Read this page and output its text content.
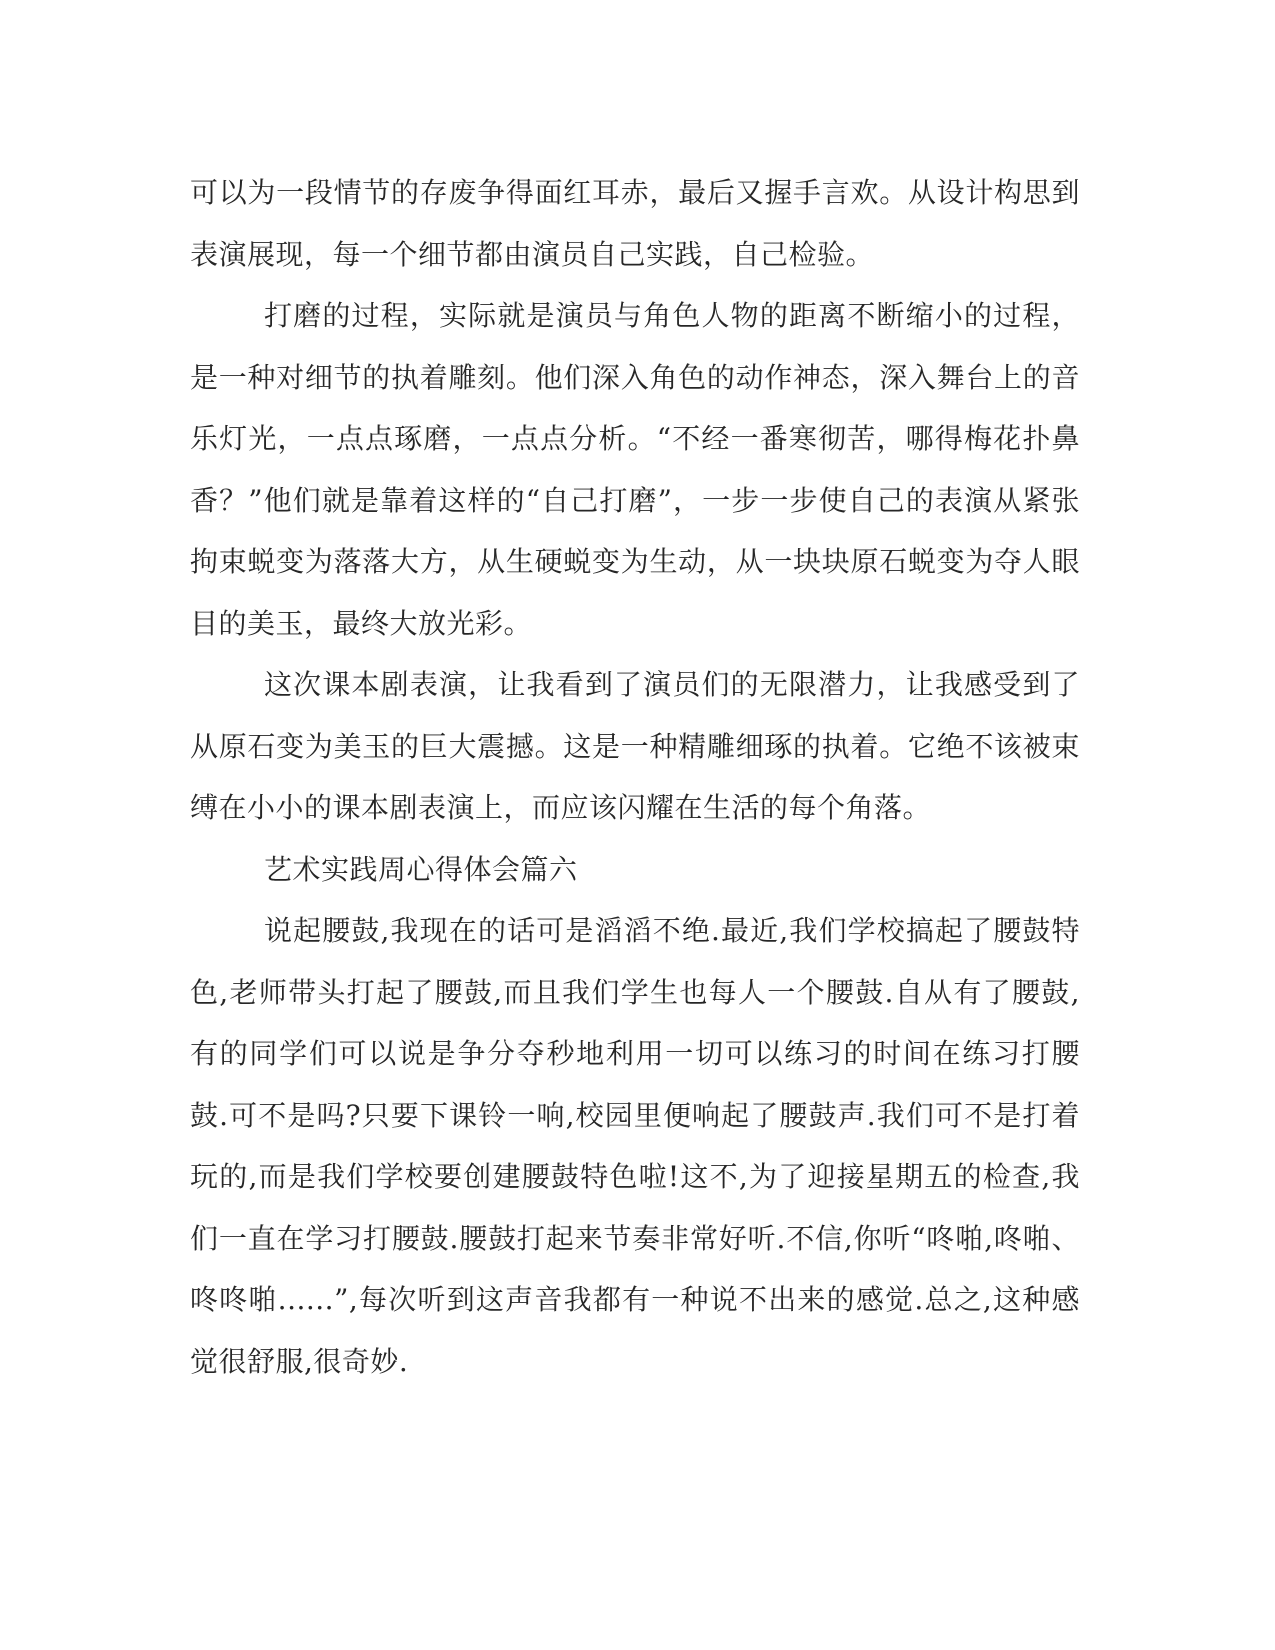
可以为一段情节的存废争得面红耳赤，最后又握手言欢。从设计构思到表演展现，每一个细节都由演员自己实践，自己检验。

打磨的过程，实际就是演员与角色人物的距离不断缩小的过程，是一种对细节的执着雕刻。他们深入角色的动作神态，深入舞台上的音乐灯光，一点点琢磨，一点点分析。“不经一番寒彻苦，哪得梅花扑鼻香？”他们就是靠着这样的“自己打磨”，一步一步使自己的表演从紧张拘束蜕变为落落大方，从生硬蜕变为生动，从一块块原石蜕变为夺人眼目的美玉，最终大放光彩。

这次课本剧表演，让我看到了演员们的无限潜力，让我感受到了从原石变为美玉的巨大震撼。这是一种精雕细琢的执着。它绝不该被束缚在小小的课本剧表演上，而应该闪耀在生活的每个角落。

艺术实践周心得体会篇六

说起腰鼓,我现在的话可是滔滔不绝.最近,我们学校搞起了腰鼓特色,老师带头打起了腰鼓,而且我们学生也每人一个腰鼓.自从有了腰鼓,有的同学们可以说是争分夺秒地利用一切可以练习的时间在练习打腰鼓.可不是吗?只要下课铃一响,校园里便响起了腰鼓声.我们可不是打着玩的,而是我们学校要创建腰鼓特色啦!这不,为了迎接星期五的检查,我们一直在学习打腰鼓.腰鼓打起来节奏非常好听.不信,你听“咚啪,咚啪、咚咚啪......”,每次听到这声音我都有一种说不出来的感觉.总之,这种感觉很舒服,很奇妙.
